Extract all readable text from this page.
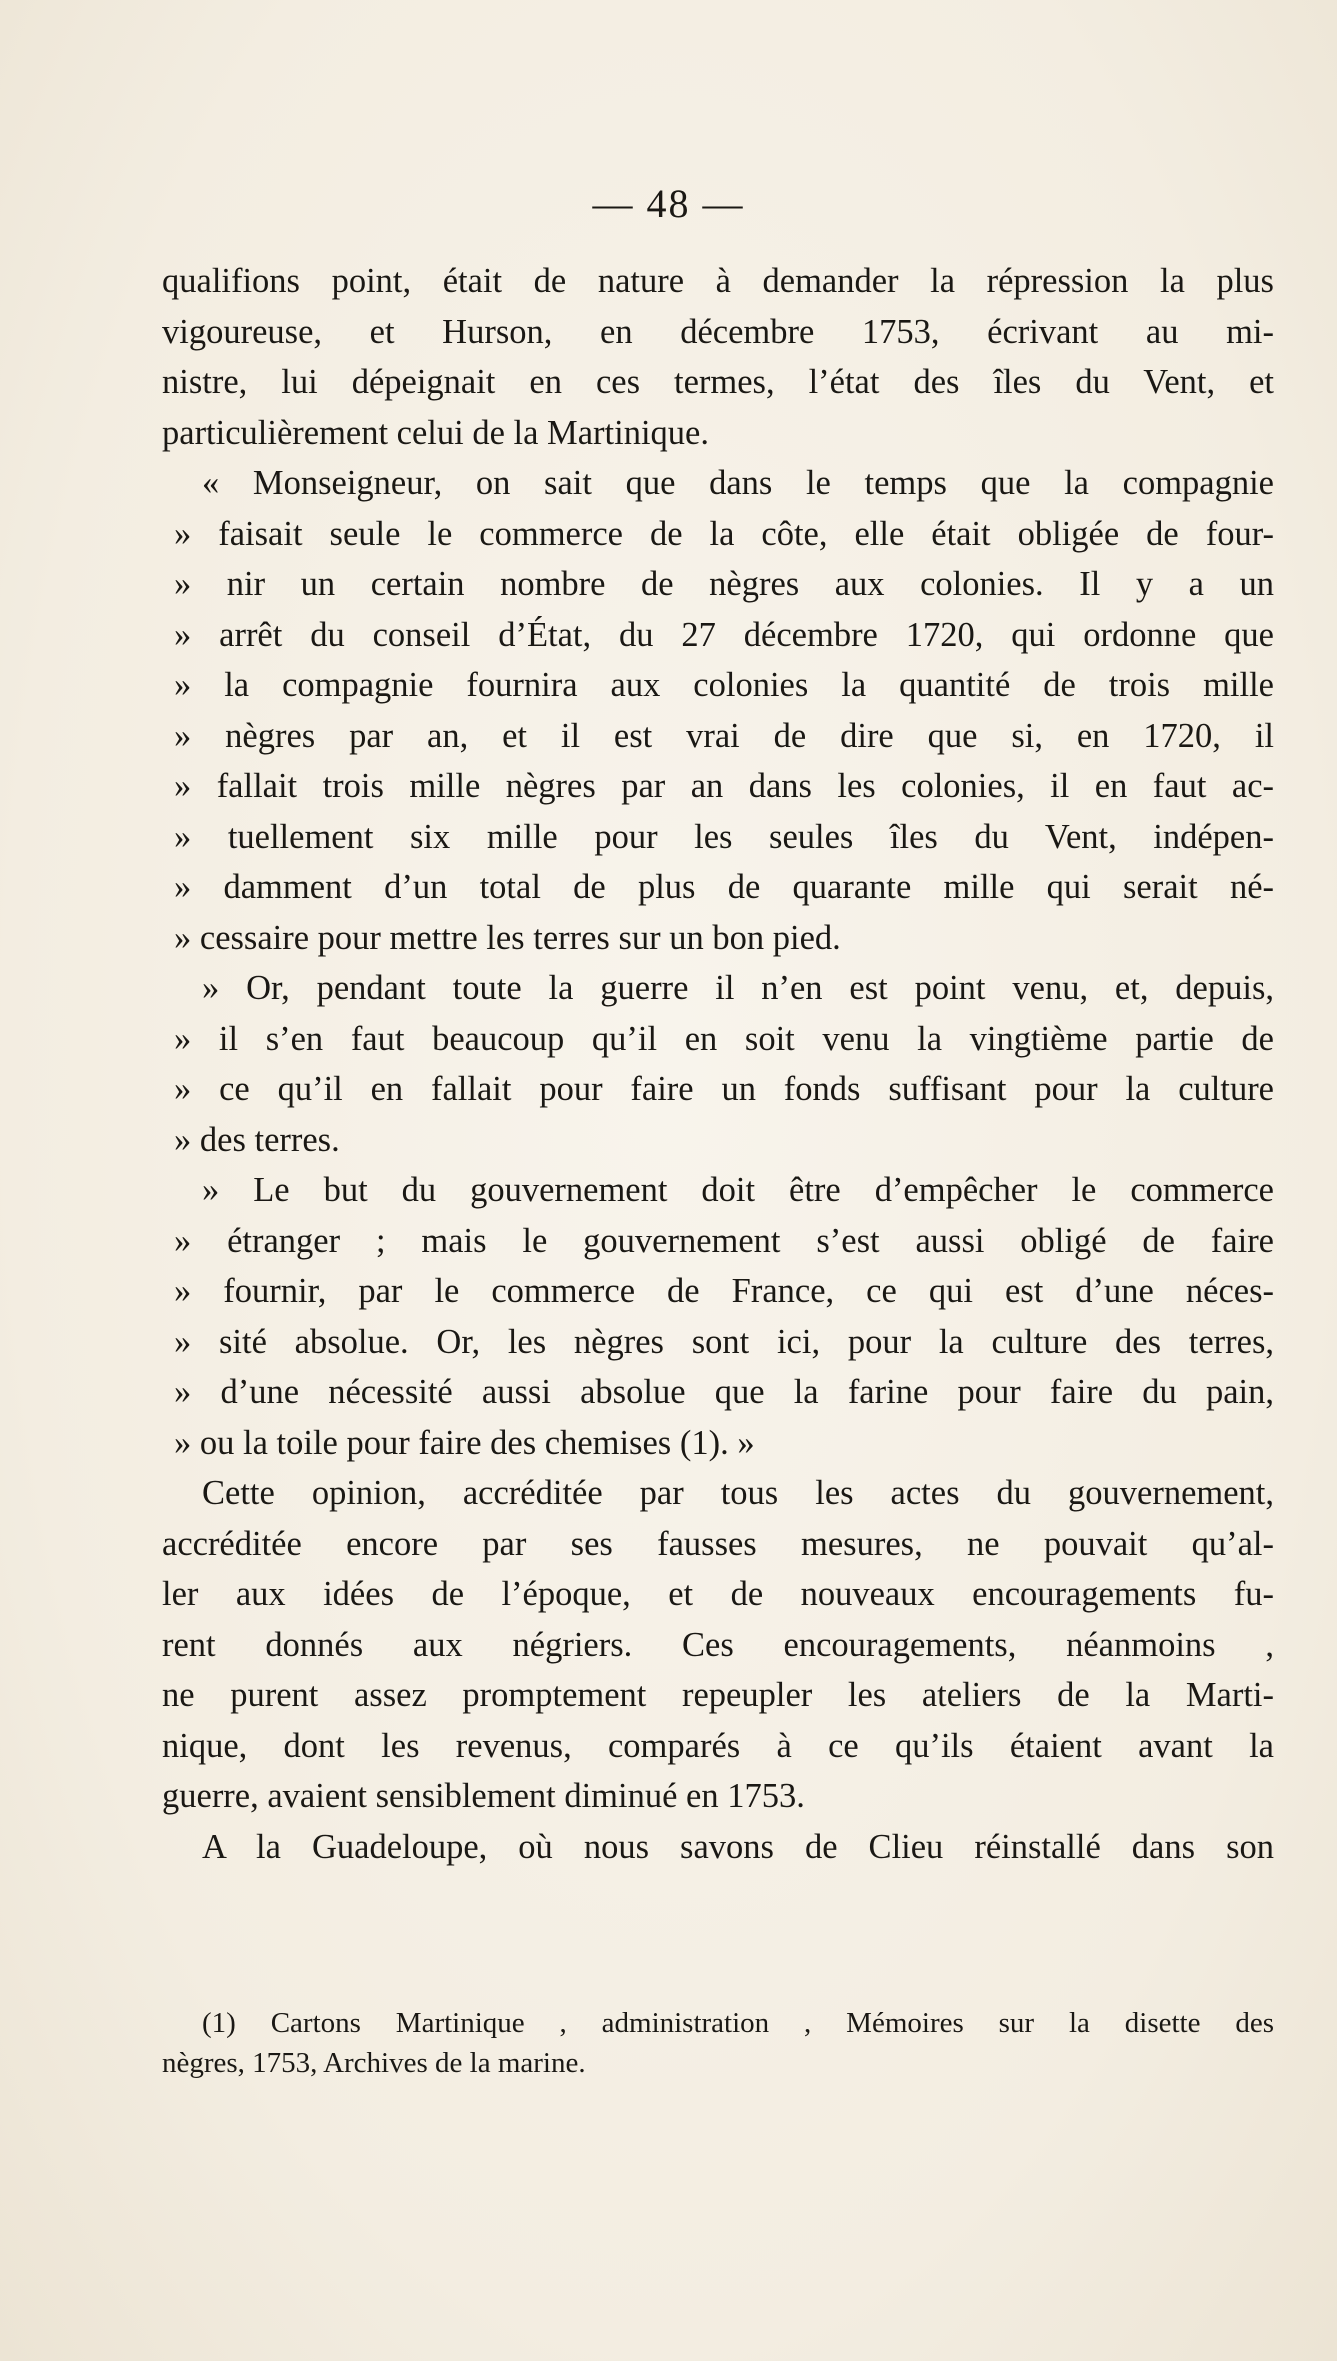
— 48 —
qualifions point, était de nature à demander la répression la plus
vigoureuse, et Hurson, en décembre 1753, écrivant au mi-
nistre, lui dépeignait en ces termes, l’état des îles du Vent, et
particulièrement celui de la Martinique.
« Monseigneur, on sait que dans le temps que la compagnie
» faisait seule le commerce de la côte, elle était obligée de four-
» nir un certain nombre de nègres aux colonies. Il y a un
» arrêt du conseil d’État, du 27 décembre 1720, qui ordonne que
» la compagnie fournira aux colonies la quantité de trois mille
» nègres par an, et il est vrai de dire que si, en 1720, il
» fallait trois mille nègres par an dans les colonies, il en faut ac-
» tuellement six mille pour les seules îles du Vent, indépen-
» damment d’un total de plus de quarante mille qui serait né-
» cessaire pour mettre les terres sur un bon pied.
» Or, pendant toute la guerre il n’en est point venu, et, depuis,
» il s’en faut beaucoup qu’il en soit venu la vingtième partie de
» ce qu’il en fallait pour faire un fonds suffisant pour la culture
» des terres.
» Le but du gouvernement doit être d’empêcher le commerce
» étranger ; mais le gouvernement s’est aussi obligé de faire
» fournir, par le commerce de France, ce qui est d’une néces-
» sité absolue. Or, les nègres sont ici, pour la culture des terres,
» d’une nécessité aussi absolue que la farine pour faire du pain,
» ou la toile pour faire des chemises (1). »
Cette opinion, accréditée par tous les actes du gouvernement,
accréditée encore par ses fausses mesures, ne pouvait qu’al-
ler aux idées de l’époque, et de nouveaux encouragements fu-
rent donnés aux négriers. Ces encouragements, néanmoins ,
ne purent assez promptement repeupler les ateliers de la Marti-
nique, dont les revenus, comparés à ce qu’ils étaient avant la
guerre, avaient sensiblement diminué en 1753.
A la Guadeloupe, où nous savons de Clieu réinstallé dans son
(1) Cartons Martinique , administration , Mémoires sur la disette des
nègres, 1753, Archives de la marine.
